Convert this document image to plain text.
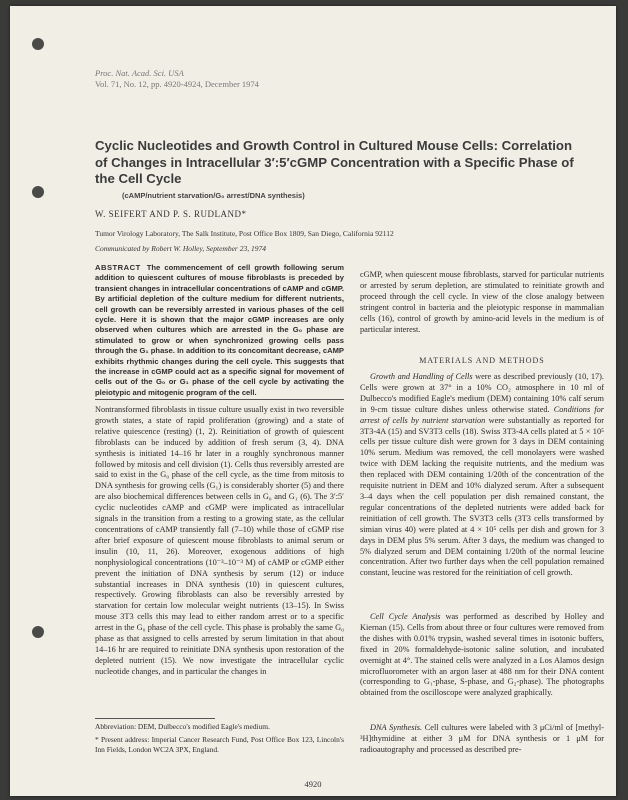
Proc. Nat. Acad. Sci. USA
Vol. 71, No. 12, pp. 4920-4924, December 1974
Cyclic Nucleotides and Growth Control in Cultured Mouse Cells: Correlation of Changes in Intracellular 3′:5′cGMP Concentration with a Specific Phase of the Cell Cycle
(cAMP/nutrient starvation/G₀ arrest/DNA synthesis)
W. SEIFERT AND P. S. RUDLAND*
Tumor Virology Laboratory, The Salk Institute, Post Office Box 1809, San Diego, California 92112
Communicated by Robert W. Holley, September 23, 1974
ABSTRACT The commencement of cell growth following serum addition to quiescent cultures of mouse fibroblasts is preceded by transient changes in intracellular concentrations of cAMP and cGMP. By artificial depletion of the culture medium for different nutrients, cell growth can be reversibly arrested in various phases of the cell cycle. Here it is shown that the major cGMP increases are only observed when cultures which are arrested in the G₀ phase are stimulated to grow or when synchronized growing cells pass through the G₁ phase. In addition to its concomitant decrease, cAMP exhibits rhythmic changes during the cell cycle. This suggests that the increase in cGMP could act as a specific signal for movement of cells out of the G₀ or G₁ phase of the cell cycle by activating the pleiotypic and mitogenic program of the cell.
Nontransformed fibroblasts in tissue culture usually exist in two reversible growth states, a state of rapid proliferation (growing) and a state of relative quiescence (resting) (1, 2). Reinitiation of growth of quiescent fibroblasts can be induced by addition of fresh serum (3, 4). DNA synthesis is initiated 14–16 hr later in a roughly synchronous manner followed by mitosis and cell division (1). Cells thus reversibly arrested are said to exist in the G₀ phase of the cell cycle, as the time from mitosis to DNA synthesis for growing cells (G₁) is considerably shorter (5) and there are also biochemical differences between cells in G₀ and G₁ (6). The 3′:5′ cyclic nucleotides cAMP and cGMP were implicated as intracellular signals in the transition from a resting to a growing state, as the cellular concentrations of cAMP transiently fall (7–10) while those of cGMP rise after brief exposure of quiescent mouse fibroblasts to animal serum or insulin (10, 11, 26). Moreover, exogenous additions of high nonphysiological concentrations (10⁻³–10⁻³ M) of cAMP or cGMP either prevent the initiation of DNA synthesis by serum (12) or induce substantial increases in DNA synthesis (10) in quiescent cultures, respectively. Growing fibroblasts can also be reversibly arrested by starvation for certain low molecular weight nutrients (13–15). In Swiss mouse 3T3 cells this may lead to either random arrest or to a specific arrest in the G₀ phase of the cell cycle. This phase is probably the same G₀ phase as that assigned to cells arrested by serum limitation in that about 14–16 hr are required to reinitiate DNA synthesis upon restoration of the depleted nutrient (15). We now investigate the intracellular cyclic nucleotide changes, and in particular the changes in

Abbreviation: DEM, Dulbecco's modified Eagle's medium.

* Present address: Imperial Cancer Research Fund, Post Office Box 123, Lincoln's Inn Fields, London WC2A 3PX, England.

cGMP, when quiescent mouse fibroblasts, starved for particular nutrients or arrested by serum depletion, are stimulated to reinitiate growth and proceed through the cell cycle. In view of the close analogy between stringent control in bacteria and the pleiotypic response in mammalian cells (16), control of growth by amino-acid levels in the medium is of particular interest.
MATERIALS AND METHODS

Growth and Handling of Cells were as described previously (10, 17). Cells were grown at 37° in a 10% CO₂ atmosphere in 10 ml of Dulbecco's modified Eagle's medium (DEM) containing 10% calf serum in 9-cm tissue culture dishes unless otherwise stated. Conditions for arrest of cells by nutrient starvation were substantially as reported for 3T3-4A (15) and SV3T3 cells (18). Swiss 3T3-4A cells plated at 5 × 10⁵ cells per tissue culture dish were grown for 3 days in DEM containing 10% serum. Medium was removed, the cell monolayers were washed twice with DEM lacking the requisite nutrients, and the medium was then replaced with DEM containing 1/20th of the concentration of the requisite nutrient in DEM and 10% dialyzed serum. After a subsequent 3–4 days when the cell population per dish remained constant, the regular concentrations of the depleted nutrients were added back for reinitiation of cell growth. The SV3T3 cells (3T3 cells transformed by simian virus 40) were plated at 4 × 10⁵ cells per dish and grown for 3 days in DEM plus 5% serum. After 3 days, the medium was changed to 5% dialyzed serum and DEM containing 1/20th of the normal leucine concentration. After two further days when the cell population remained constant, leucine was restored for the reinitiation of cell growth.

Cell Cycle Analysis was performed as described by Holley and Kiernan (15). Cells from about three or four cultures were removed from the dishes with 0.01% trypsin, washed several times in isotonic buffers, fixed in 20% formaldehyde-isotonic saline solution, and incubated overnight at 4°. The stained cells were analyzed in a Los Alamos design microfluorometer with an argon laser at 488 nm for their DNA content (corresponding to G₁-phase, S-phase, and G₂-phase). The photographs obtained from the oscilloscope were analyzed graphically.

DNA Synthesis. Cell cultures were labeled with 3 μCi/ml of [methyl-³H]thymidine at either 3 μM for DNA synthesis or 1 μM for radioautography and processed as described pre-

4920
